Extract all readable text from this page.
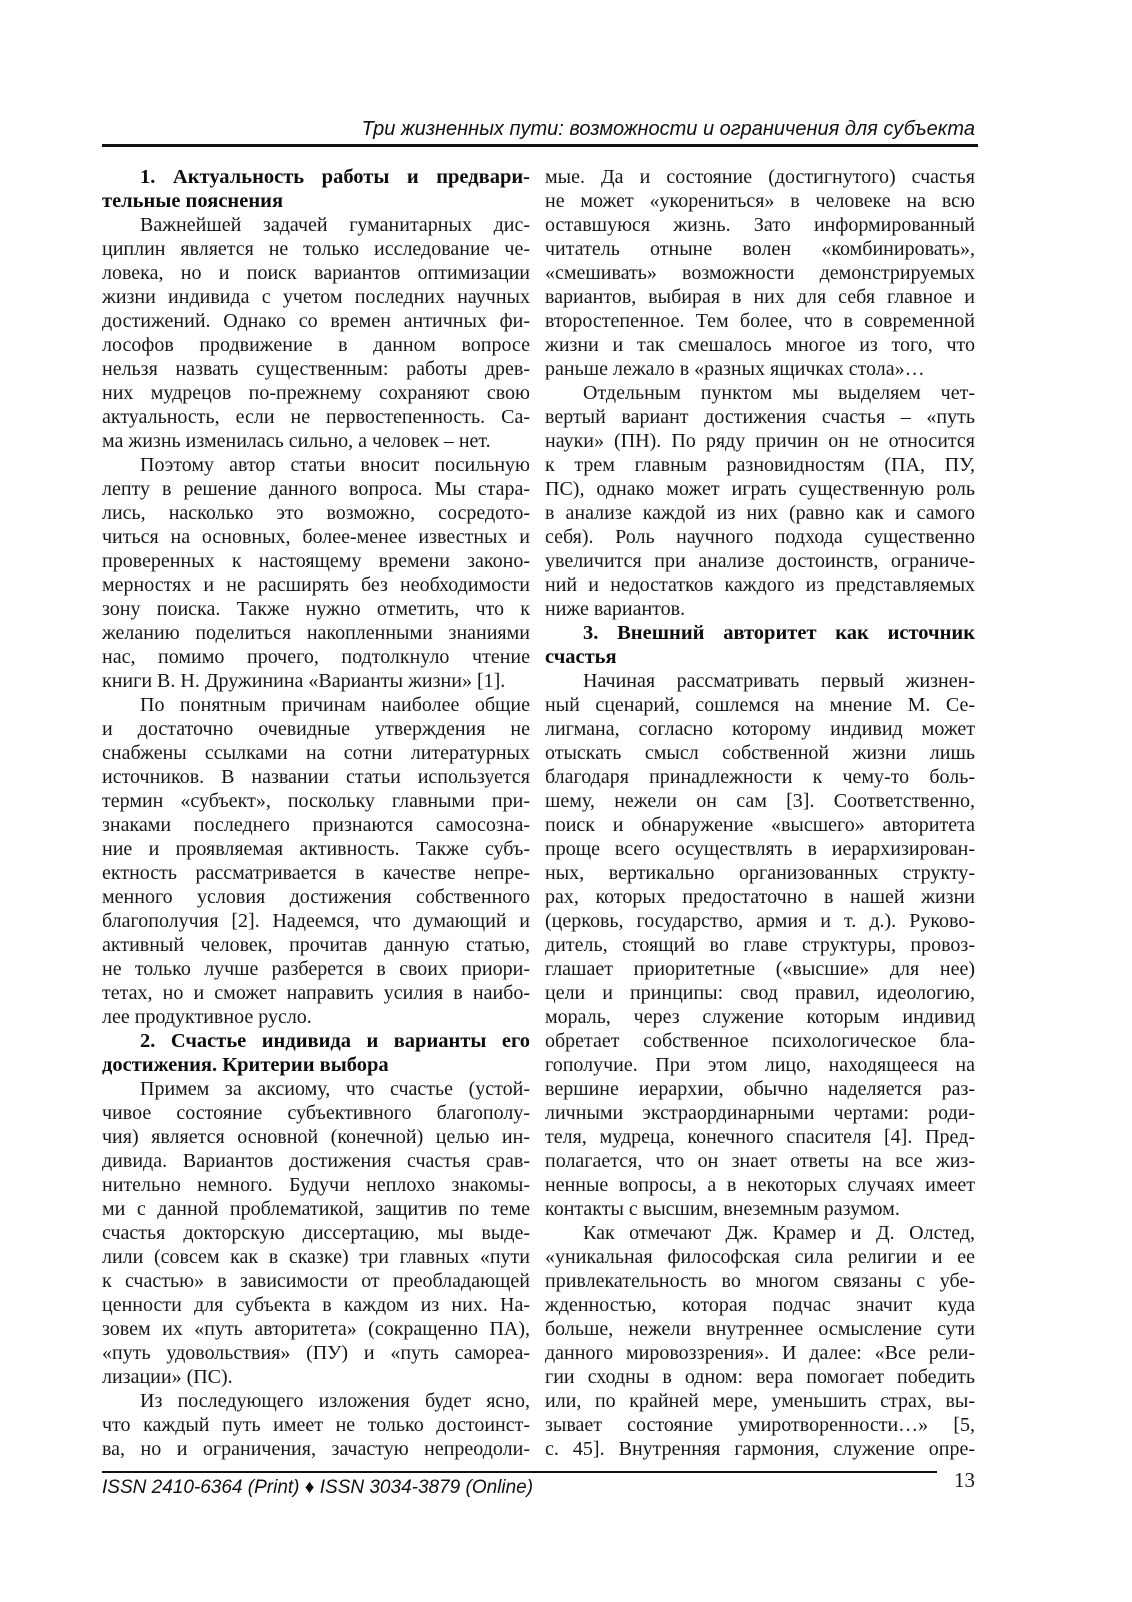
Три жизненных пути: возможности и ограничения для субъекта
1. Актуальность работы и предвари-
тельные пояснения
Важнейшей задачей гуманитарных дис-
циплин является не только исследование че-
ловека, но и поиск вариантов оптимизации
жизни индивида с учетом последних научных
достижений. Однако со времен античных фи-
лософов продвижение в данном вопросе
нельзя назвать существенным: работы древ-
них мудрецов по-прежнему сохраняют свою
актуальность, если не первостепенность. Са-
ма жизнь изменилась сильно, а человек – нет.
Поэтому автор статьи вносит посильную
лепту в решение данного вопроса. Мы стара-
лись, насколько это возможно, сосредото-
читься на основных, более-менее известных и
проверенных к настоящему времени законо-
мерностях и не расширять без необходимости
зону поиска. Также нужно отметить, что к
желанию поделиться накопленными знаниями
нас, помимо прочего, подтолкнуло чтение
книги В. Н. Дружинина «Варианты жизни» [1].
По понятным причинам наиболее общие
и достаточно очевидные утверждения не
снабжены ссылками на сотни литературных
источников. В названии статьи используется
термин «субъект», поскольку главными при-
знаками последнего признаются самосозна-
ние и проявляемая активность. Также субъ-
ектность рассматривается в качестве непре-
менного условия достижения собственного
благополучия [2]. Надеемся, что думающий и
активный человек, прочитав данную статью,
не только лучше разберется в своих приори-
тетах, но и сможет направить усилия в наибо-
лее продуктивное русло.
2. Счастье индивида и варианты его
достижения. Критерии выбора
Примем за аксиому, что счастье (устой-
чивое состояние субъективного благополу-
чия) является основной (конечной) целью ин-
дивида. Вариантов достижения счастья срав-
нительно немного. Будучи неплохо знакомы-
ми с данной проблематикой, защитив по теме
счастья докторскую диссертацию, мы выде-
лили (совсем как в сказке) три главных «пути
к счастью» в зависимости от преобладающей
ценности для субъекта в каждом из них. На-
зовем их «путь авторитета» (сокращенно ПА),
«путь удовольствия» (ПУ) и «путь самореа-
лизации» (ПС).
Из последующего изложения будет ясно,
что каждый путь имеет не только достоинст-
ва, но и ограничения, зачастую непреодоли-
мые. Да и состояние (достигнутого) счастья
не может «укорениться» в человеке на всю
оставшуюся жизнь. Зато информированный
читатель отныне волен «комбинировать»,
«смешивать» возможности демонстрируемых
вариантов, выбирая в них для себя главное и
второстепенное. Тем более, что в современной
жизни и так смешалось многое из того, что
раньше лежало в «разных ящичках стола»…
Отдельным пунктом мы выделяем чет-
вертый вариант достижения счастья – «путь
науки» (ПН). По ряду причин он не относится
к трем главным разновидностям (ПА, ПУ,
ПС), однако может играть существенную роль
в анализе каждой из них (равно как и самого
себя). Роль научного подхода существенно
увеличится при анализе достоинств, ограниче-
ний и недостатков каждого из представляемых
ниже вариантов.
3. Внешний авторитет как источник
счастья
Начиная рассматривать первый жизнен-
ный сценарий, сошлемся на мнение М. Се-
лигмана, согласно которому индивид может
отыскать смысл собственной жизни лишь
благодаря принадлежности к чему-то боль-
шему, нежели он сам [3]. Соответственно,
поиск и обнаружение «высшего» авторитета
проще всего осуществлять в иерархизирован-
ных, вертикально организованных структу-
рах, которых предостаточно в нашей жизни
(церковь, государство, армия и т. д.). Руково-
дитель, стоящий во главе структуры, провоз-
глашает приоритетные («высшие» для нее)
цели и принципы: свод правил, идеологию,
мораль, через служение которым индивид
обретает собственное психологическое бла-
гополучие. При этом лицо, находящееся на
вершине иерархии, обычно наделяется раз-
личными экстраординарными чертами: роди-
теля, мудреца, конечного спасителя [4]. Пред-
полагается, что он знает ответы на все жиз-
ненные вопросы, а в некоторых случаях имеет
контакты с высшим, внеземным разумом.
Как отмечают Дж. Крамер и Д. Олстед,
«уникальная философская сила религии и ее
привлекательность во многом связаны с убе-
жденностью, которая подчас значит куда
больше, нежели внутреннее осмысление сути
данного мировоззрения». И далее: «Все рели-
гии сходны в одном: вера помогает победить
или, по крайней мере, уменьшить страх, вы-
зывает состояние умиротворенности…» [5,
с. 45]. Внутренняя гармония, служение опре-
ISSN 2410-6364 (Print) ♦ ISSN 3034-3879 (Online)	13
